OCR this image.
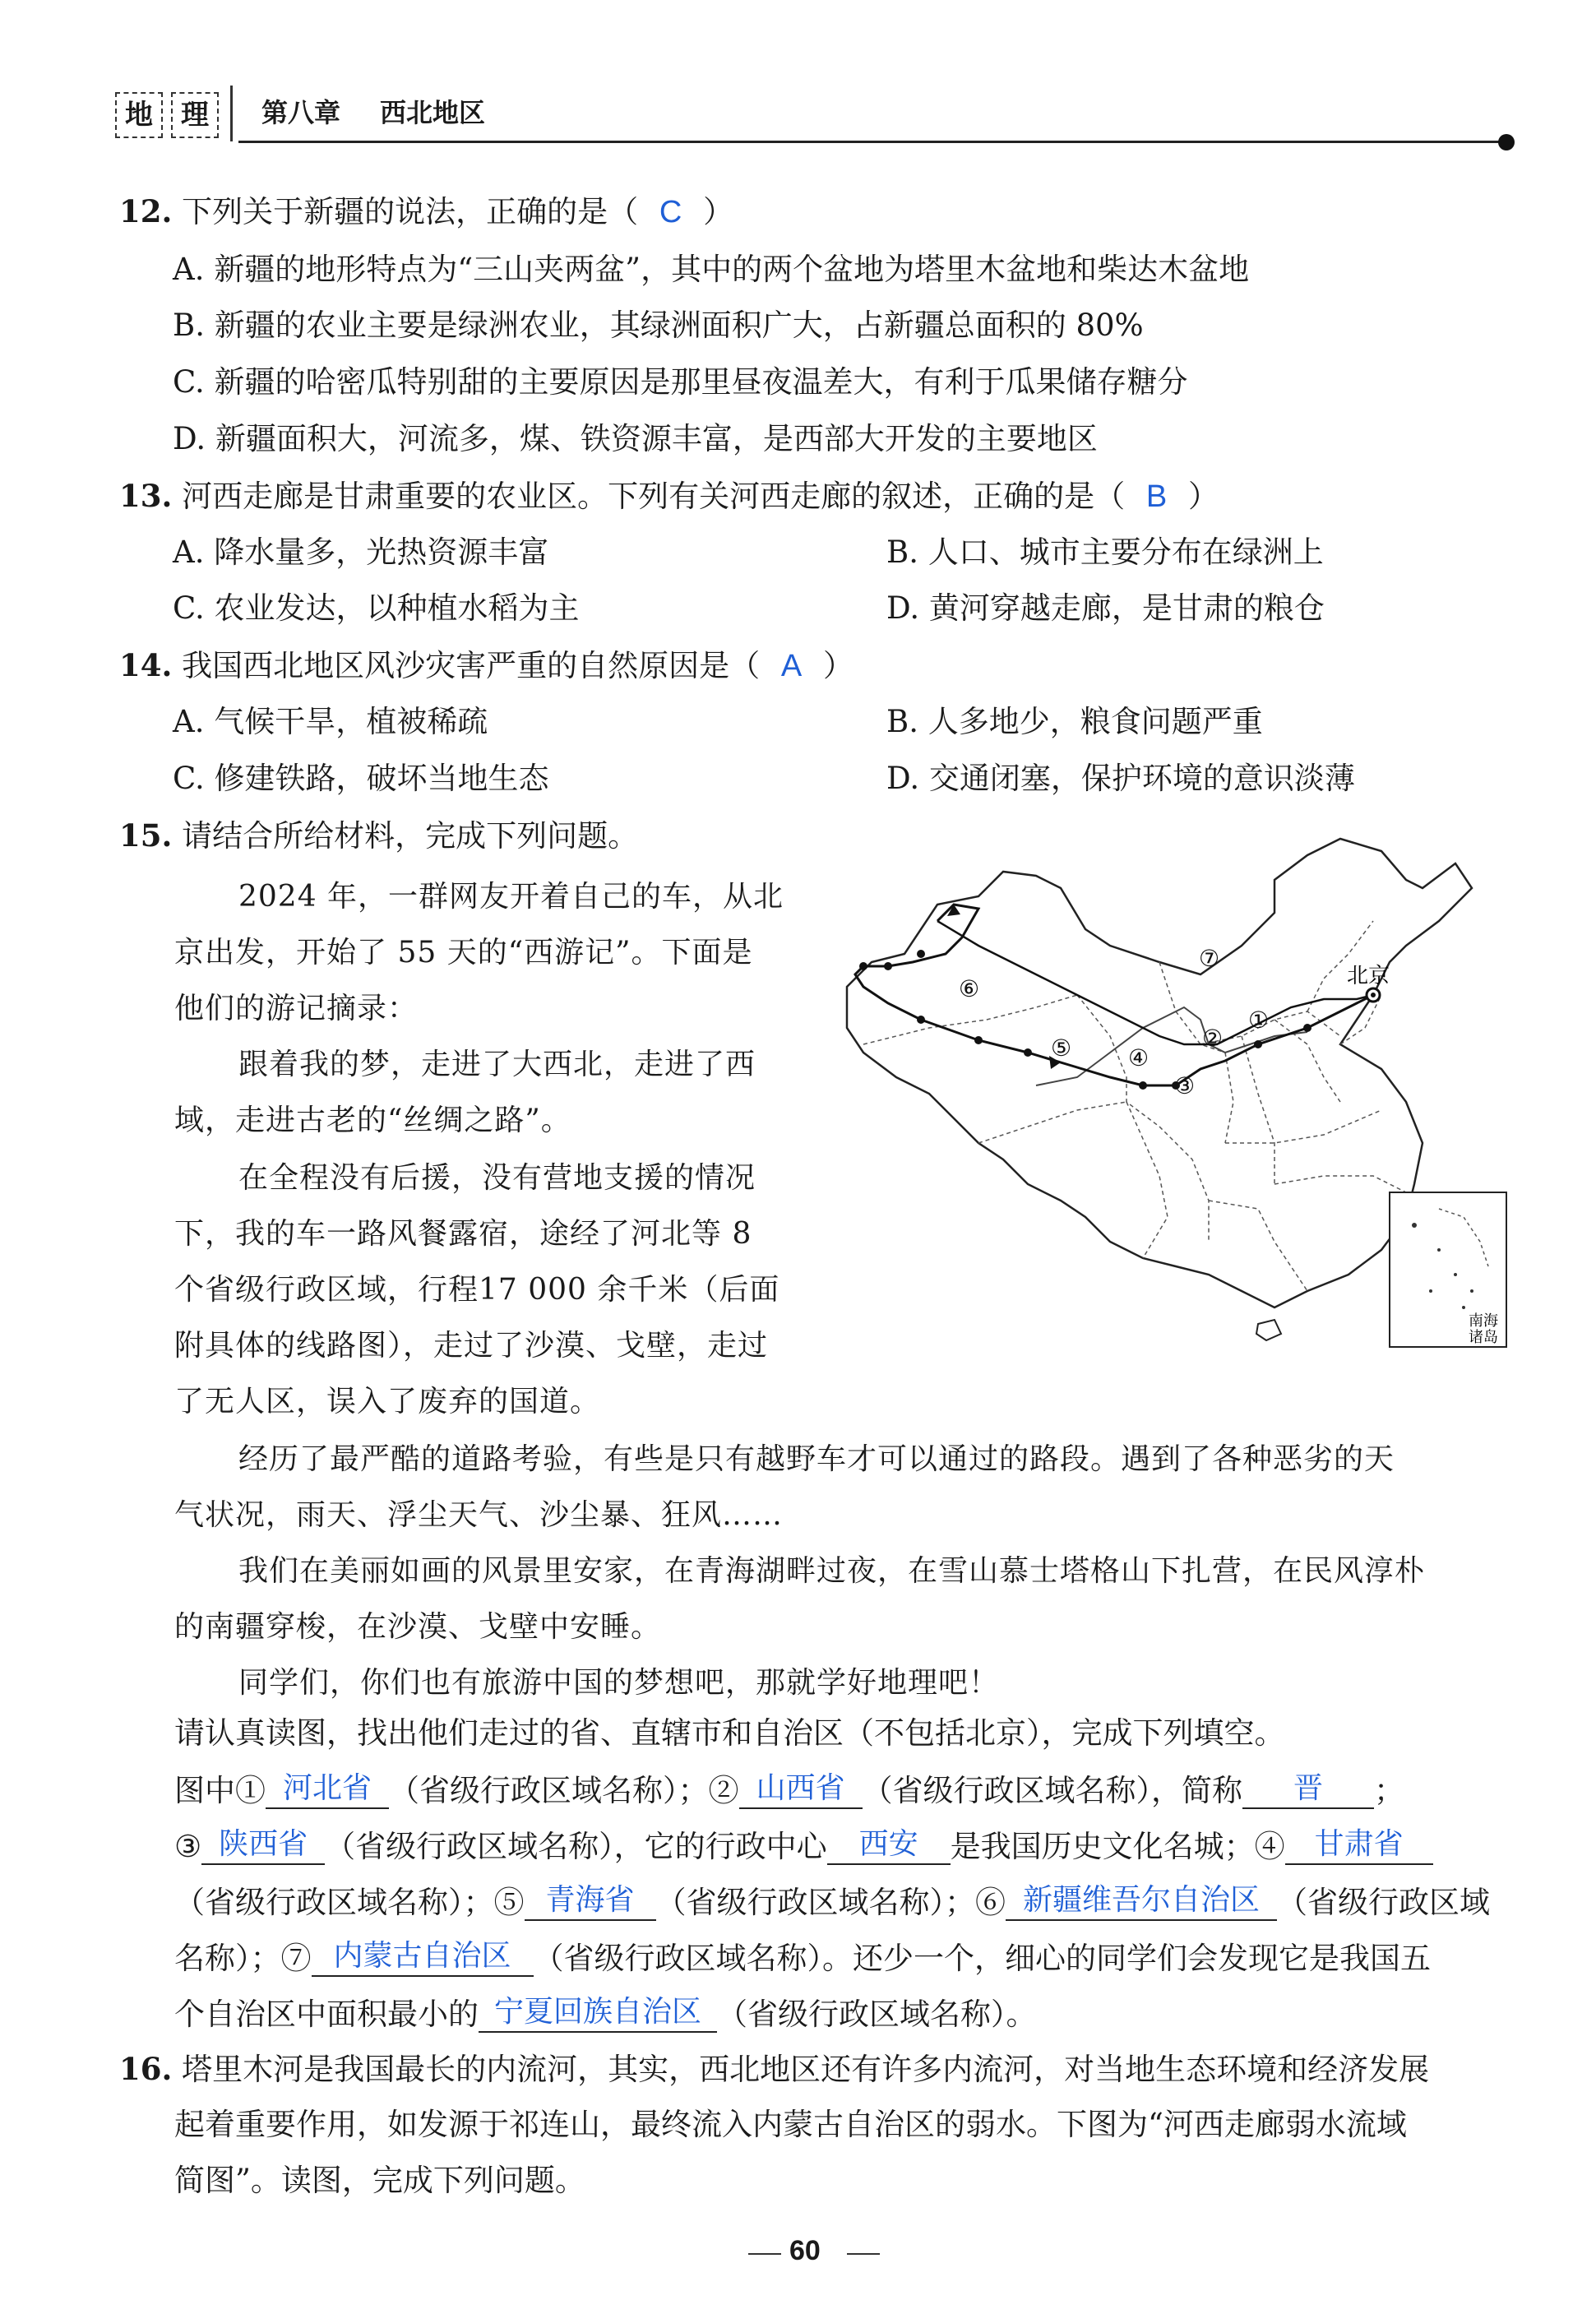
地	理	第八章 西北地区
12. 下列关于新疆的说法，正确的是（ C ）
A. 新疆的地形特点为“三山夹两盆”，其中的两个盆地为塔里木盆地和柴达木盆地
B. 新疆的农业主要是绿洲农业，其绿洲面积广大，占新疆总面积的 80%
C. 新疆的哈密瓜特别甜的主要原因是那里昼夜温差大，有利于瓜果储存糖分
D. 新疆面积大，河流多，煤、铁资源丰富，是西部大开发的主要地区
13. 河西走廊是甘肃重要的农业区。下列有关河西走廊的叙述，正确的是（ B ）
A. 降水量多，光热资源丰富	B. 人口、城市主要分布在绿洲上
C. 农业发达，以种植水稻为主	D. 黄河穿越走廊，是甘肃的粮仓
14. 我国西北地区风沙灾害严重的自然原因是（ A ）
A. 气候干旱，植被稀疏	B. 人多地少，粮食问题严重
C. 修建铁路，破坏当地生态	D. 交通闭塞，保护环境的意识淡薄
15. 请结合所给材料，完成下列问题。
2024 年，一群网友开着自己的车，从北
京出发，开始了 55 天的“西游记”。下面是
他们的游记摘录：
跟着我的梦，走进了大西北，走进了西
域，走进古老的“丝绸之路”。
在全程没有后援，没有营地支援的情况
下，我的车一路风餐露宿，途经了河北等 8
个省级行政区域，行程17 000 余千米（后面
附具体的线路图），走过了沙漠、戈壁，走过
了无人区，误入了废弃的国道。
北京
①
②
③
④
⑤
⑥
⑦
南海
诸岛
经历了最严酷的道路考验，有些是只有越野车才可以通过的路段。遇到了各种恶劣的天
气状况，雨天、浮尘天气、沙尘暴、狂风……
我们在美丽如画的风景里安家，在青海湖畔过夜，在雪山慕士塔格山下扎营，在民风淳朴
的南疆穿梭，在沙漠、戈壁中安睡。
同学们，你们也有旅游中国的梦想吧，那就学好地理吧！
请认真读图，找出他们走过的省、直辖市和自治区（不包括北京），完成下列填空。
图中① 河北省 （省级行政区域名称）；② 山西省 （省级行政区域名称），简称 晋 ；
③ 陕西省 （省级行政区域名称），它的行政中心 西安 是我国历史文化名城；④ 甘肃省
（省级行政区域名称）；⑤ 青海省 （省级行政区域名称）；⑥ 新疆维吾尔自治区 （省级行政区域
名称）；⑦ 内蒙古自治区 （省级行政区域名称）。还少一个，细心的同学们会发现它是我国五
个自治区中面积最小的 宁夏回族自治区 （省级行政区域名称）。
16. 塔里木河是我国最长的内流河，其实，西北地区还有许多内流河，对当地生态环境和经济发展
起着重要作用，如发源于祁连山，最终流入内蒙古自治区的弱水。下图为“河西走廊弱水流域
简图”。读图，完成下列问题。
60
